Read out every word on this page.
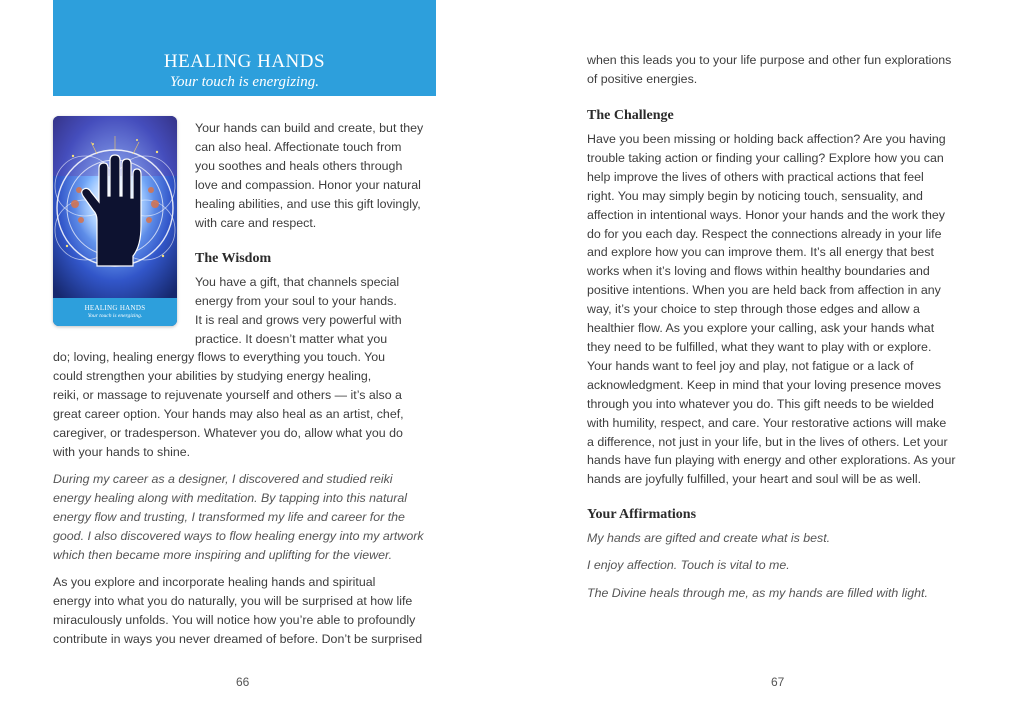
HEALING HANDS
Your touch is energizing.
HEALING HANDS
Your touch is energizing.

Your hands can build and create, but they
can also heal. Affectionate touch from
you soothes and heals others through
love and compassion. Honor your natural
healing abilities, and use this gift lovingly,
with care and respect.

The Wisdom

You have a gift, that channels special
energy from your soul to your hands.
It is real and grows very powerful with
practice. It doesn’t matter what you

do; loving, healing energy flows to everything you touch. You
could strengthen your abilities by studying energy healing,
reiki, or massage to rejuvenate yourself and others — it’s also a
great career option. Your hands may also heal as an artist, chef,
caregiver, or tradesperson. Whatever you do, allow what you do
with your hands to shine.

During my career as a designer, I discovered and studied reiki
energy healing along with meditation. By tapping into this natural
energy flow and trusting, I transformed my life and career for the
good. I also discovered ways to flow healing energy into my artwork
which then became more inspiring and uplifting for the viewer.

As you explore and incorporate healing hands and spiritual
energy into what you do naturally, you will be surprised at how life
miraculously unfolds. You will notice how you’re able to profoundly
contribute in ways you never dreamed of before. Don’t be surprised

66

when this leads you to your life purpose and other fun explorations
of positive energies.

The Challenge

Have you been missing or holding back affection? Are you having
trouble taking action or finding your calling? Explore how you can
help improve the lives of others with practical actions that feel
right. You may simply begin by noticing touch, sensuality, and
affection in intentional ways. Honor your hands and the work they
do for you each day. Respect the connections already in your life
and explore how you can improve them. It’s all energy that best
works when it’s loving and flows within healthy boundaries and
positive intentions. When you are held back from affection in any
way, it’s your choice to step through those edges and allow a
healthier flow. As you explore your calling, ask your hands what
they need to be fulfilled, what they want to play with or explore.
Your hands want to feel joy and play, not fatigue or a lack of
acknowledgment. Keep in mind that your loving presence moves
through you into whatever you do. This gift needs to be wielded
with humility, respect, and care. Your restorative actions will make
a difference, not just in your life, but in the lives of others. Let your
hands have fun playing with energy and other explorations. As your
hands are joyfully fulfilled, your heart and soul will be as well.

Your Affirmations

My hands are gifted and create what is best.

I enjoy affection. Touch is vital to me.

The Divine heals through me, as my hands are filled with light.

67
